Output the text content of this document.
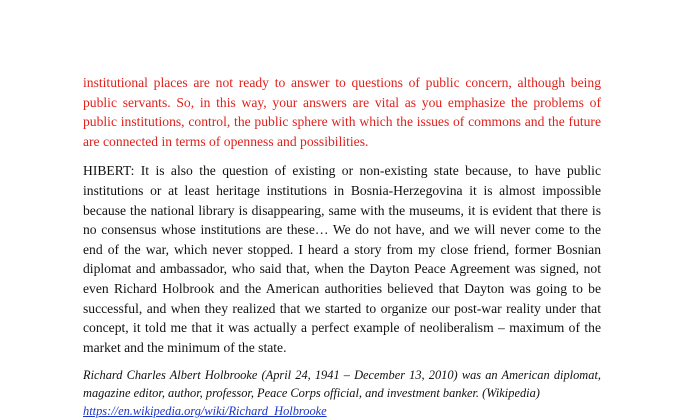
institutional places are not ready to answer to questions of public concern, although being public servants. So, in this way, your answers are vital as you emphasize the problems of public institutions, control, the public sphere with which the issues of commons and the future are connected in terms of openness and possibilities.

HIBERT: It is also the question of existing or non-existing state because, to have public institutions or at least heritage institutions in Bosnia-Herzegovina it is almost impossible because the national library is disappearing, same with the museums, it is evident that there is no consensus whose institutions are these… We do not have, and we will never come to the end of the war, which never stopped. I heard a story from my close friend, former Bosnian diplomat and ambassador, who said that, when the Dayton Peace Agreement was signed, not even Richard Holbrook and the American authorities believed that Dayton was going to be successful, and when they realized that we started to organize our post-war reality under that concept, it told me that it was actually a perfect example of neoliberalism – maximum of the market and the minimum of the state.

Richard Charles Albert Holbrooke (April 24, 1941 – December 13, 2010) was an American diplomat, magazine editor, author, professor, Peace Corps official, and investment banker. (Wikipedia)
https://en.wikipedia.org/wiki/Richard_Holbrooke
